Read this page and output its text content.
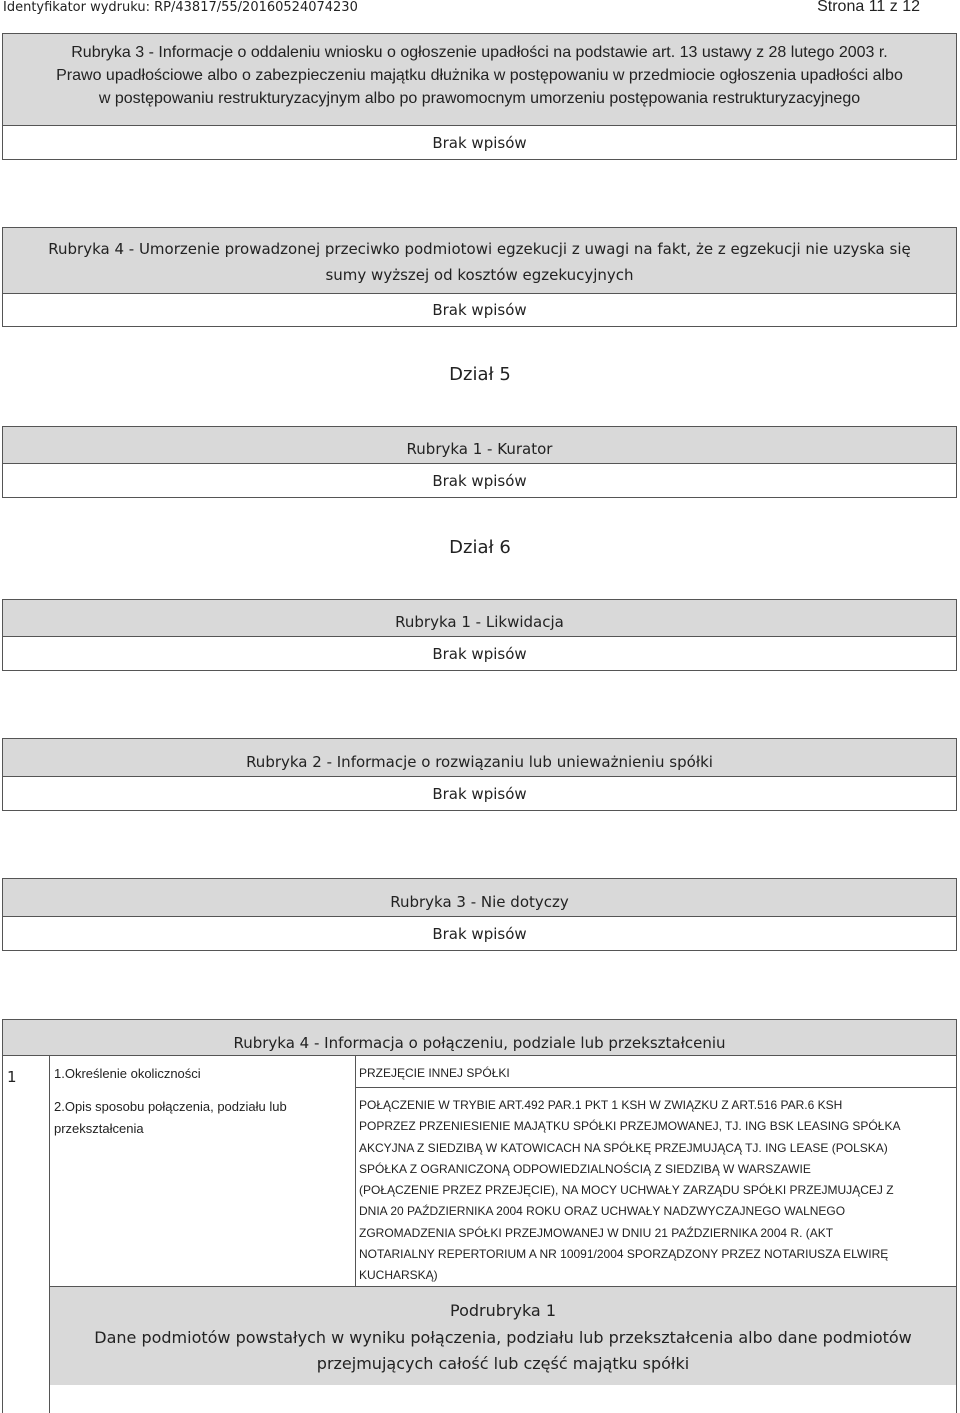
Identyfikator wydruku: RP/43817/55/20160524074230	Strona 11 z 12
Rubryka 3 - Informacje o oddaleniu wniosku o ogłoszenie upadłości na podstawie art. 13 ustawy z 28 lutego 2003 r.
Prawo upadłościowe albo o zabezpieczeniu majątku dłużnika w postępowaniu w przedmiocie ogłoszenia upadłości albo
w postępowaniu restrukturyzacyjnym albo po prawomocnym umorzeniu postępowania restrukturyzacyjnego
Brak wpisów
Rubryka 4 - Umorzenie prowadzonej przeciwko podmiotowi egzekucji z uwagi na fakt, że z egzekucji nie uzyska się
sumy wyższej od kosztów egzekucyjnych
Brak wpisów
Dział 5
Rubryka 1 - Kurator
Brak wpisów
Dział 6
Rubryka 1 - Likwidacja
Brak wpisów
Rubryka 2 - Informacje o rozwiązaniu lub unieważnieniu spółki
Brak wpisów
Rubryka 3 - Nie dotyczy
Brak wpisów
Rubryka 4 - Informacja o połączeniu, podziale lub przekształceniu
1	1.Określenie okoliczności	PRZEJĘCIE INNEJ SPÓŁKI
2.Opis sposobu połączenia, podziału lub
przekształcenia
POŁĄCZENIE W TRYBIE ART.492 PAR.1 PKT 1 KSH W ZWIĄZKU Z ART.516 PAR.6 KSH
POPRZEZ PRZENIESIENIE MAJĄTKU SPÓŁKI PRZEJMOWANEJ, TJ. ING BSK LEASING SPÓŁKA
AKCYJNA Z SIEDZIBĄ W KATOWICACH NA SPÓŁKĘ PRZEJMUJĄCĄ TJ. ING LEASE (POLSKA)
SPÓŁKA Z OGRANICZONĄ ODPOWIEDZIALNOŚCIĄ Z SIEDZIBĄ W WARSZAWIE
(POŁĄCZENIE PRZEZ PRZEJĘCIE), NA MOCY UCHWAŁY ZARZĄDU SPÓŁKI PRZEJMUJĄCEJ Z
DNIA 20 PAŹDZIERNIKA 2004 ROKU ORAZ UCHWAŁY NADZWYCZAJNEGO WALNEGO
ZGROMADZENIA SPÓŁKI PRZEJMOWANEJ W DNIU 21 PAŹDZIERNIKA 2004 R. (AKT
NOTARIALNY REPERTORIUM A NR 10091/2004 SPORZĄDZONY PRZEZ NOTARIUSZA ELWIRĘ
KUCHARSKĄ)
Podrubryka 1
Dane podmiotów powstałych w wyniku połączenia, podziału lub przekształcenia albo dane podmiotów
przejmujących całość lub część majątku spółki
